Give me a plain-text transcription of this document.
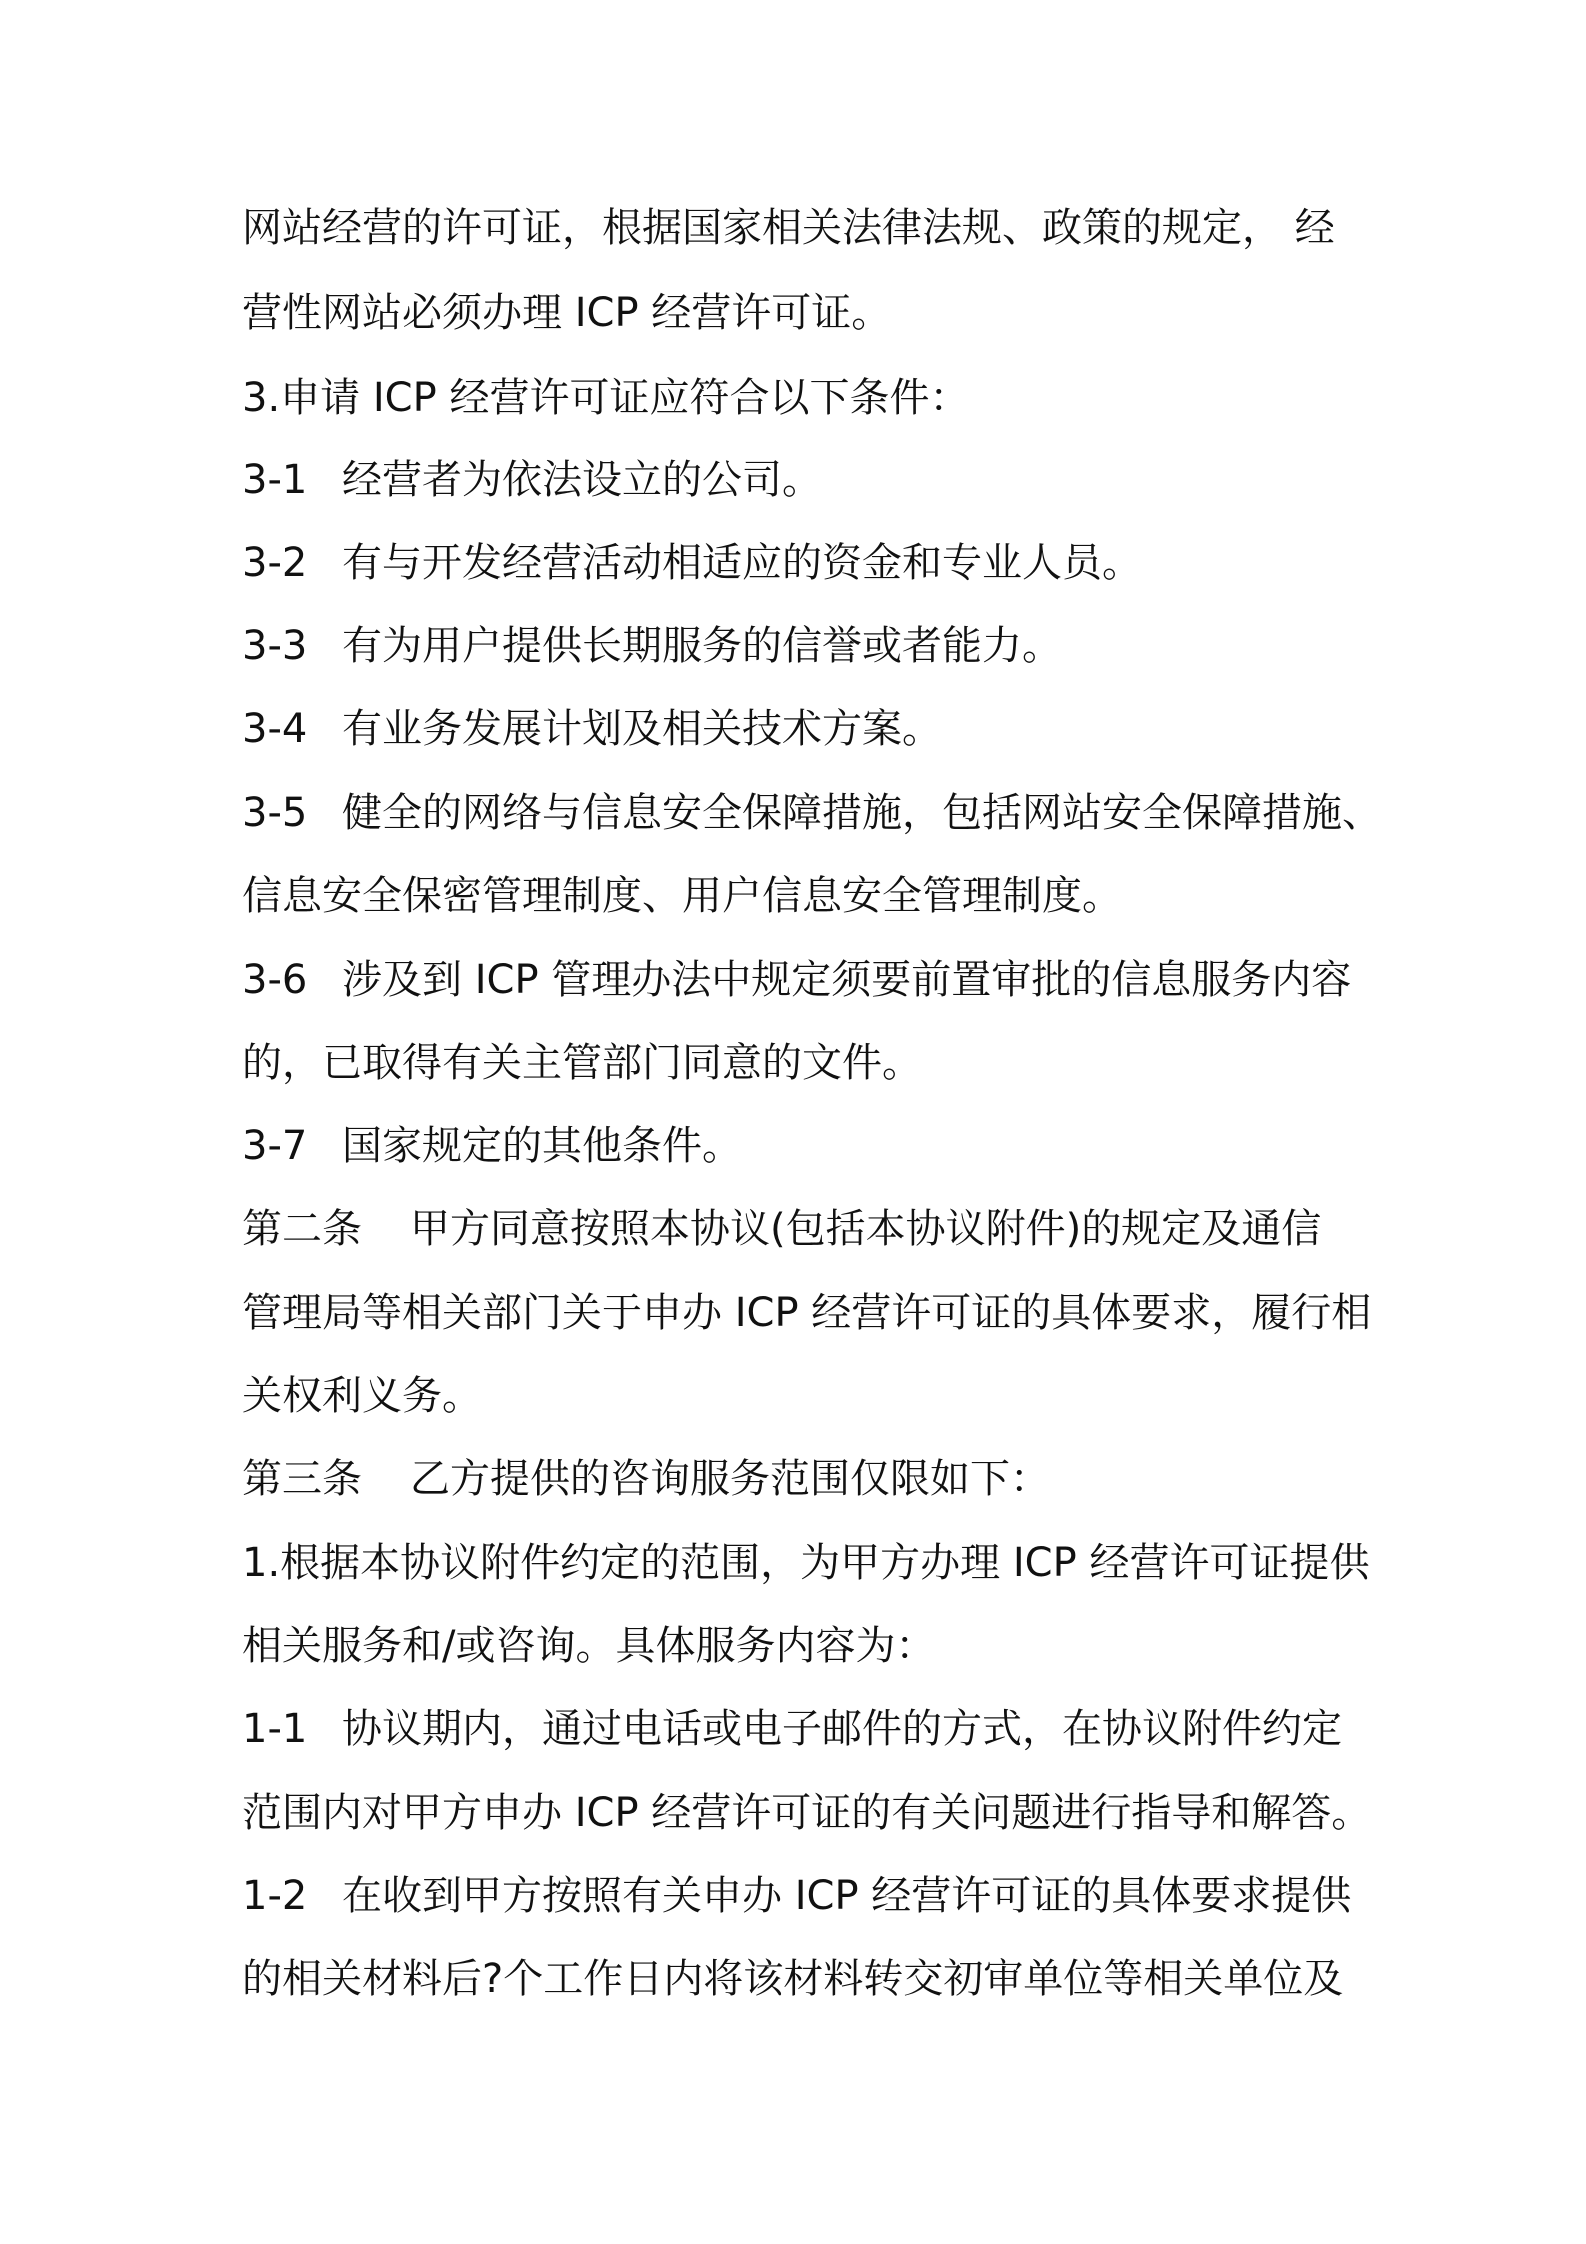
网站经营的许可证，根据国家相关法律法规、政策的规定， 经
营性网站必须办理 ICP 经营许可证。
3.申请 ICP 经营许可证应符合以下条件：
3-1 经营者为依法设立的公司。
3-2 有与开发经营活动相适应的资金和专业人员。
3-3 有为用户提供长期服务的信誉或者能力。
3-4 有业务发展计划及相关技术方案。
3-5 健全的网络与信息安全保障措施，包括网站安全保障措施、
信息安全保密管理制度、用户信息安全管理制度。
3-6 涉及到 ICP 管理办法中规定须要前置审批的信息服务内容
的，已取得有关主管部门同意的文件。
3-7 国家规定的其他条件。
第二条 甲方同意按照本协议(包括本协议附件)的规定及通信
管理局等相关部门关于申办 ICP 经营许可证的具体要求，履行相
关权利义务。
第三条 乙方提供的咨询服务范围仅限如下：
1.根据本协议附件约定的范围，为甲方办理 ICP 经营许可证提供
相关服务和/或咨询。具体服务内容为：
1-1 协议期内，通过电话或电子邮件的方式，在协议附件约定
范围内对甲方申办 ICP 经营许可证的有关问题进行指导和解答。
1-2 在收到甲方按照有关申办 ICP 经营许可证的具体要求提供
的相关材料后?个工作日内将该材料转交初审单位等相关单位及
